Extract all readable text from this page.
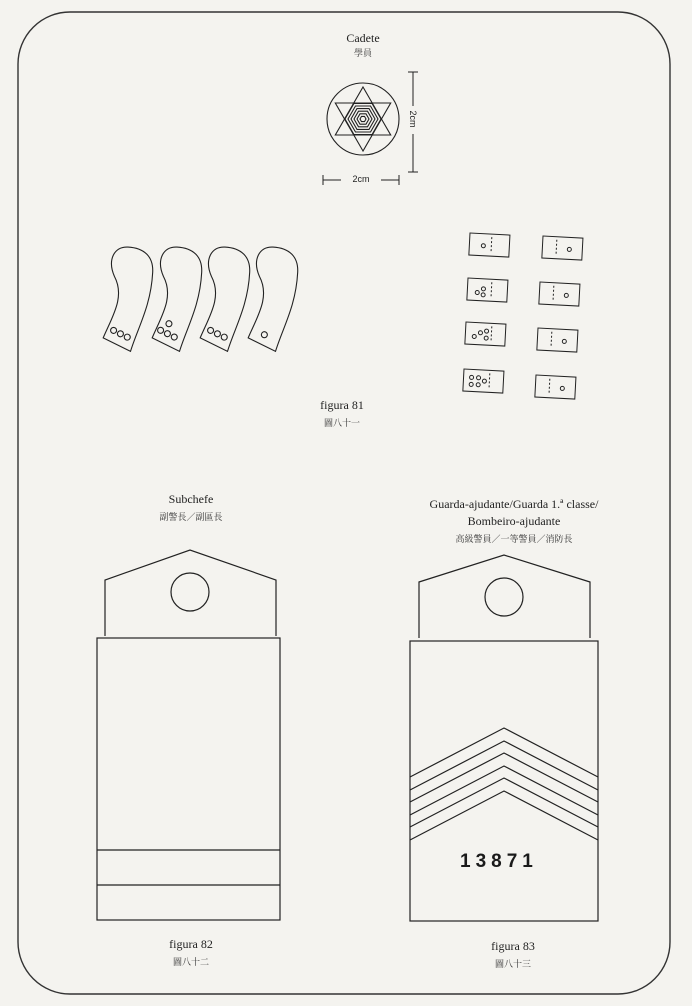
Cadete
學員
2cm
2cm
figura 81
圖八十一
Subchefe
副警長／副區長
figura 82
圖八十二
Guarda-ajudante/Guarda 1.ª classe/
Bombeiro-ajudante
高級警員／一等警員／消防長
13871
figura 83
圖八十三
